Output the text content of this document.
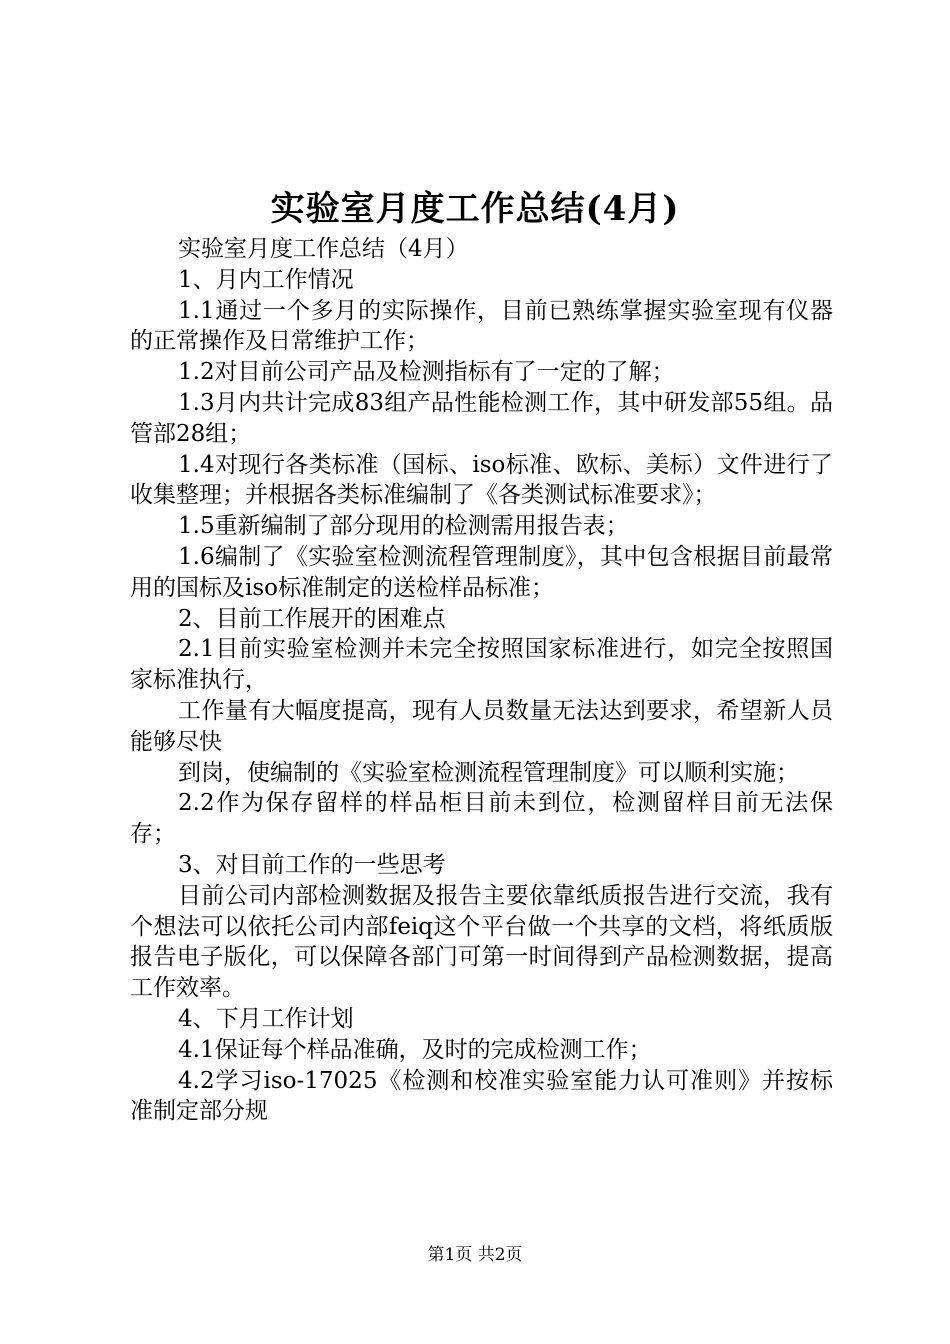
实验室月度工作总结(4月)

实验室月度工作总结（4月）

1、月内工作情况

1.1通过一个多月的实际操作，目前已熟练掌握实验室现有仪器的正常操作及日常维护工作；

1.2对目前公司产品及检测指标有了一定的了解；

1.3月内共计完成83组产品性能检测工作，其中研发部55组。品管部28组；

1.4对现行各类标准（国标、iso标准、欧标、美标）文件进行了收集整理；并根据各类标准编制了《各类测试标准要求》；

1.5重新编制了部分现用的检测需用报告表；

1.6编制了《实验室检测流程管理制度》，其中包含根据目前最常用的国标及iso标准制定的送检样品标准；

2、目前工作展开的困难点

2.1目前实验室检测并未完全按照国家标准进行，如完全按照国家标准执行，

工作量有大幅度提高，现有人员数量无法达到要求，希望新人员能够尽快

到岗，使编制的《实验室检测流程管理制度》可以顺利实施；

2.2作为保存留样的样品柜目前未到位，检测留样目前无法保存；

3、对目前工作的一些思考

目前公司内部检测数据及报告主要依靠纸质报告进行交流，我有个想法可以依托公司内部feiq这个平台做一个共享的文档，将纸质版报告电子版化，可以保障各部门可第一时间得到产品检测数据，提高工作效率。

4、下月工作计划

4.1保证每个样品准确，及时的完成检测工作；

4.2学习iso-17025《检测和校准实验室能力认可准则》并按标准制定部分规

第1页 共2页
